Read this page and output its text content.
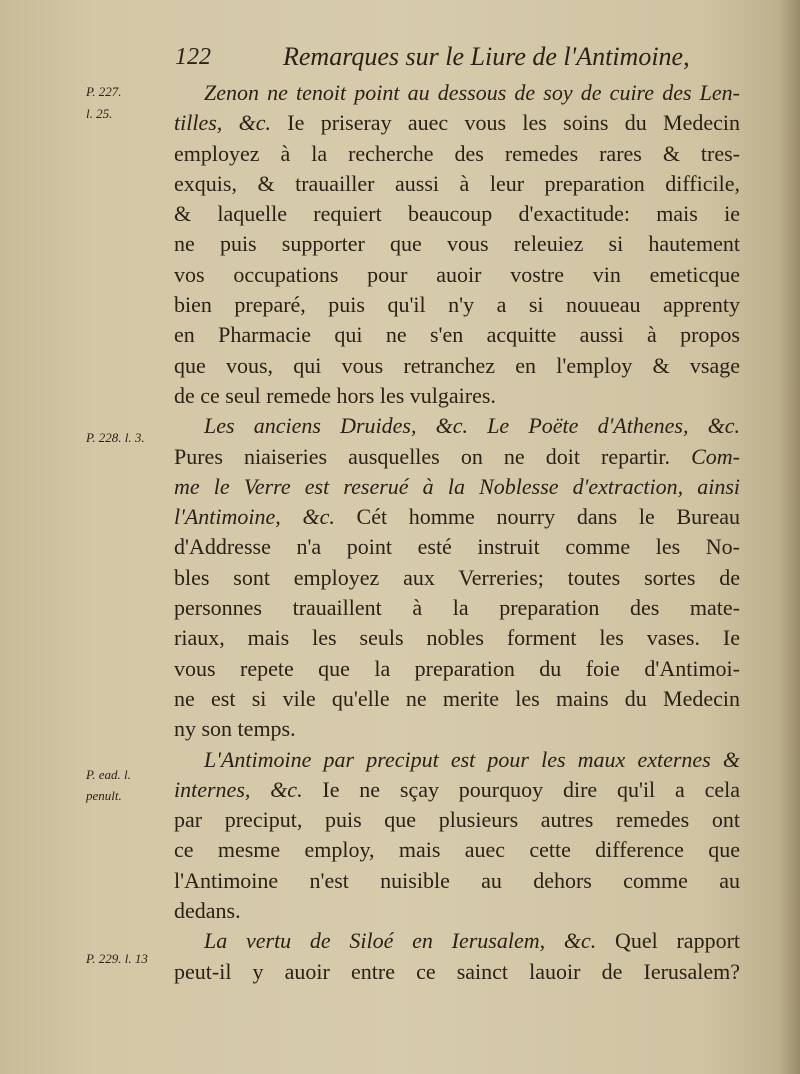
122	Remarques sur le Liure de l'Antimoine,
P. 227.
l. 25.
P. 228. l. 3.
P. ead. l.
penult.
P. 229. l. 13
Zenon ne tenoit point au dessous de soy de cuire des Len-
tilles, &c. Ie priseray auec vous les soins du Medecin
employez à la recherche des remedes rares & tres-
exquis, & trauailler aussi à leur preparation difficile,
& laquelle requiert beaucoup d'exactitude: mais ie
ne puis supporter que vous releuiez si hautement
vos occupations pour auoir vostre vin emeticque
bien preparé, puis qu'il n'y a si nouueau apprenty
en Pharmacie qui ne s'en acquitte aussi à propos
que vous, qui vous retranchez en l'employ & vsage
de ce seul remede hors les vulgaires.
Les anciens Druides, &c. Le Poëte d'Athenes, &c.
Pures niaiseries ausquelles on ne doit repartir. Com-
me le Verre est reserué à la Noblesse d'extraction, ainsi
l'Antimoine, &c. Cét homme nourry dans le Bureau
d'Addresse n'a point esté instruit comme les No-
bles sont employez aux Verreries; toutes sortes de
personnes trauaillent à la preparation des mate-
riaux, mais les seuls nobles forment les vases. Ie
vous repete que la preparation du foie d'Antimoi-
ne est si vile qu'elle ne merite les mains du Medecin
ny son temps.
L'Antimoine par preciput est pour les maux externes &
internes, &c. Ie ne sçay pourquoy dire qu'il a cela
par preciput, puis que plusieurs autres remedes ont
ce mesme employ, mais auec cette difference que
l'Antimoine n'est nuisible au dehors comme au
dedans.
La vertu de Siloé en Ierusalem, &c. Quel rapport
peut-il y auoir entre ce sainct lauoir de Ierusalem?
